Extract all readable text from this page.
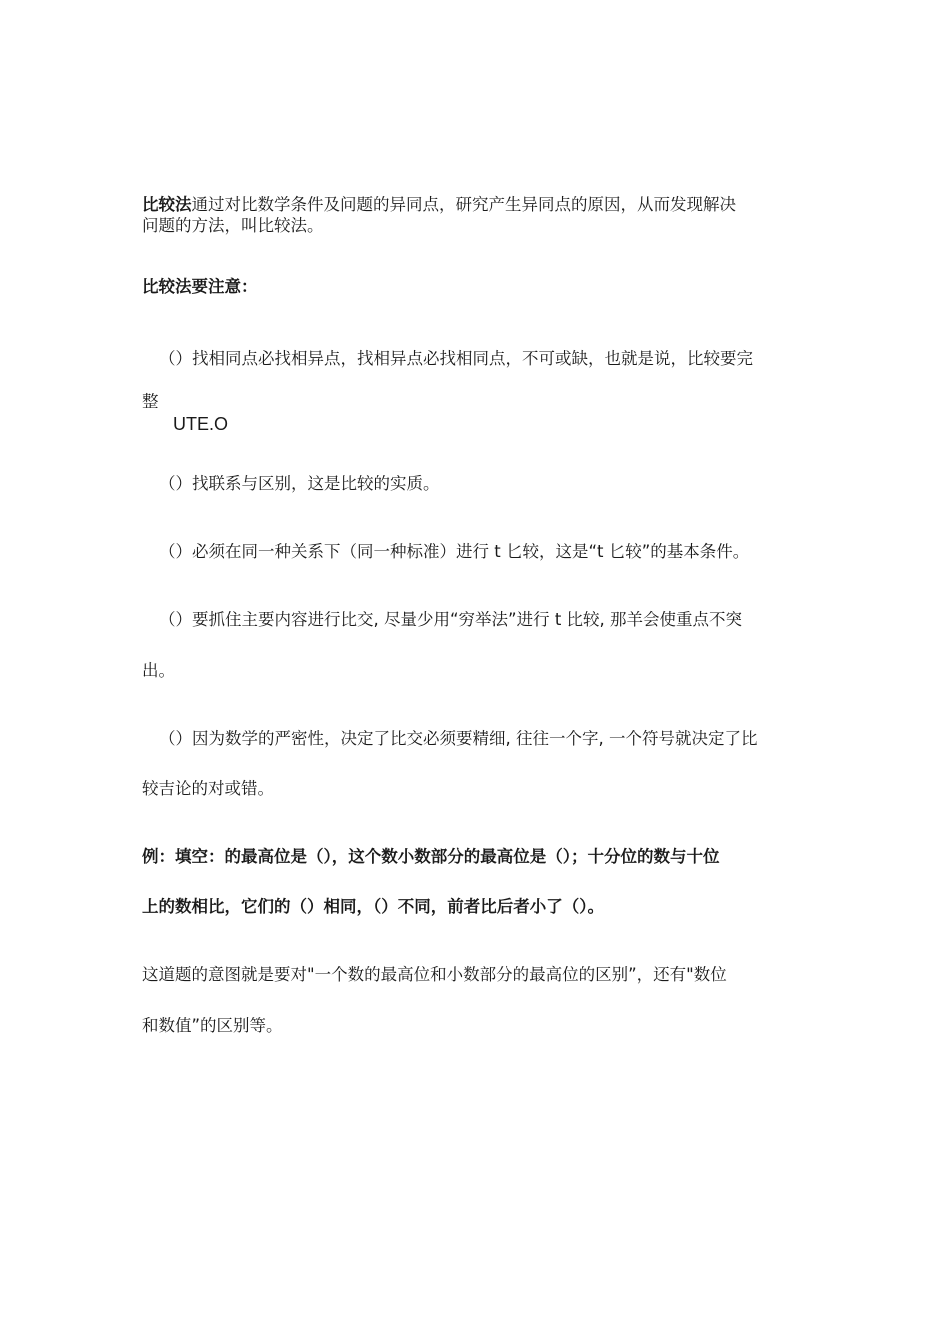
比较法通过对比数学条件及问题的异同点，研究产生异同点的原因，从而发现解决
问题的方法，叫比较法。

比较法要注意：

（）找相同点必找相异点，找相异点必找相同点，不可或缺，也就是说，比较要完
整
UTE.O

（）找联系与区别，这是比较的实质。

（）必须在同一种关系下（同一种标准）进行 t 匕较，这是“t 匕较”的基本条件。

（）要抓住主要内容进行比交, 尽量少用“穷举法”进行 t 比较, 那羊会使重点不突
出。
（）因为数学的严密性，决定了比交必须要精细, 往往一个字, 一个符号就决定了比
较吉论的对或错。
例：填空：的最高位是（），这个数小数部分的最高位是（）；十分位的数与十位
上的数相比，它们的（）相同，（）不同，前者比后者小了（）。
这道题的意图就是要对"一个数的最高位和小数部分的最高位的区别”，还有"数位
和数值”的区别等。
